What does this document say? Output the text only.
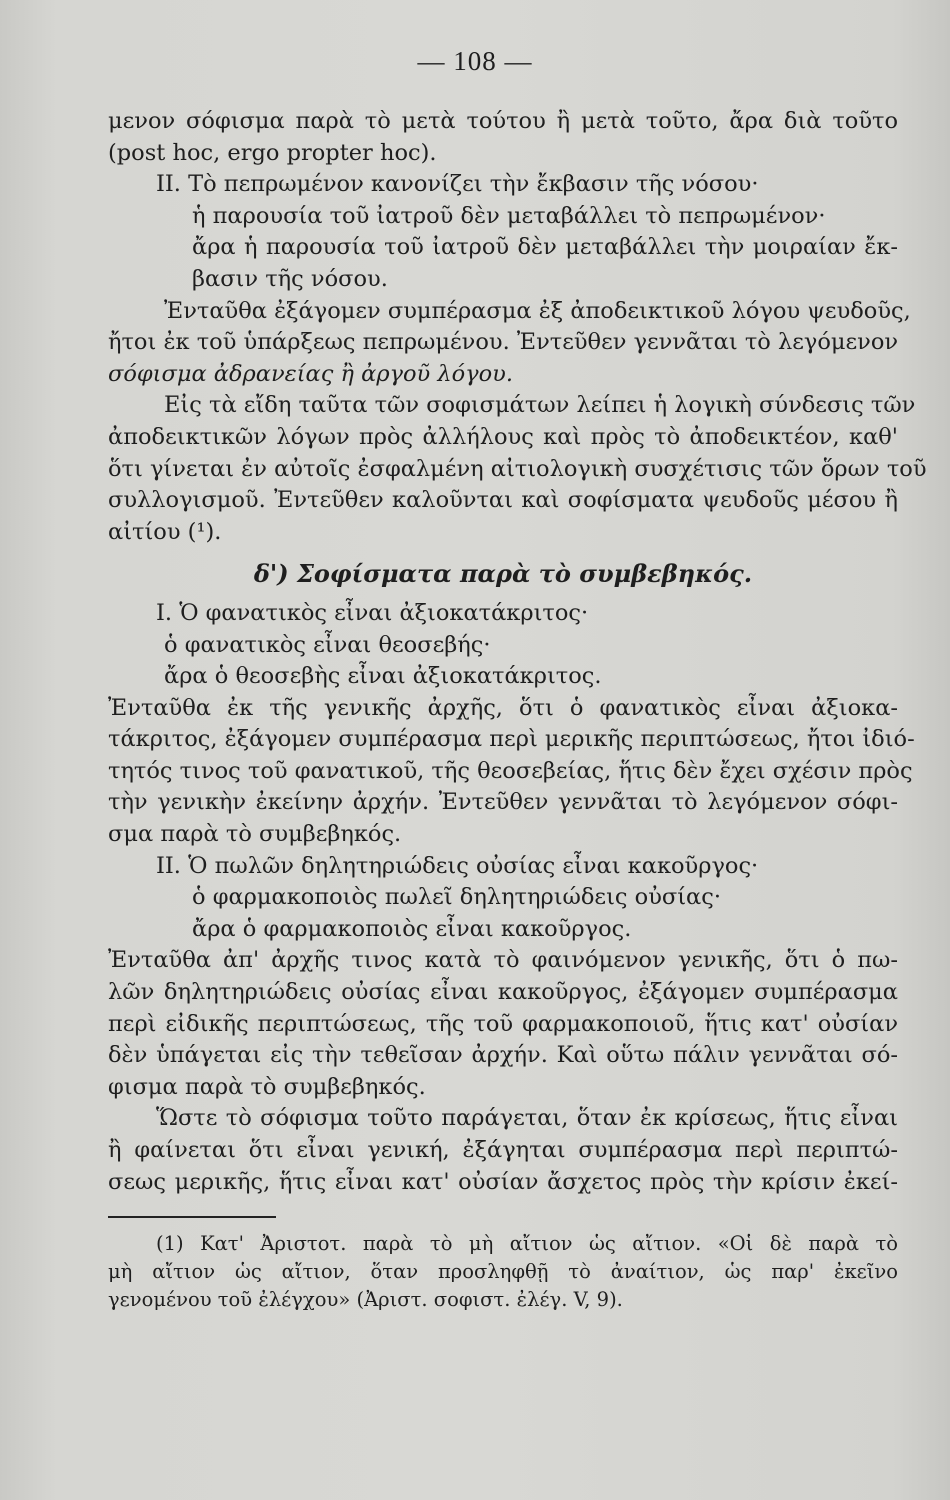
— 108 —
μενον σόφισμα παρὰ τὸ μετὰ τούτου ἢ μετὰ τοῦτο, ἄρα διὰ τοῦτο
(post hoc, ergo propter hoc).
II. Τὸ πεπρωμένον κανονίζει τὴν ἔκβασιν τῆς νόσου·
ἡ παρουσία τοῦ ἰατροῦ δὲν μεταβάλλει τὸ πεπρωμένον·
ἄρα ἡ παρουσία τοῦ ἰατροῦ δὲν μεταβάλλει τὴν μοιραίαν ἔκ-
βασιν τῆς νόσου.
Ἐνταῦθα ἐξάγομεν συμπέρασμα ἐξ ἀποδεικτικοῦ λόγου ψευδοῦς,
ἤτοι ἐκ τοῦ ὑπάρξεως πεπρωμένου. Ἐντεῦθεν γεννᾶται τὸ λεγόμενον
σόφισμα ἀδρανείας ἢ ἀργοῦ λόγου.
Εἰς τὰ εἴδη ταῦτα τῶν σοφισμάτων λείπει ἡ λογικὴ σύνδεσις τῶν
ἀποδεικτικῶν λόγων πρὸς ἀλλήλους καὶ πρὸς τὸ ἀποδεικτέον, καθ'
ὅτι γίνεται ἐν αὐτοῖς ἐσφαλμένη αἰτιολογικὴ συσχέτισις τῶν ὅρων τοῦ
συλλογισμοῦ. Ἐντεῦθεν καλοῦνται καὶ σοφίσματα ψευδοῦς μέσου ἢ
αἰτίου (¹).
δ') Σοφίσματα παρὰ τὸ συμβεβηκός.
I. Ὁ φανατικὸς εἶναι ἀξιοκατάκριτος·
ὁ φανατικὸς εἶναι θεοσεβής·
ἄρα ὁ θεοσεβὴς εἶναι ἀξιοκατάκριτος.
Ἐνταῦθα ἐκ τῆς γενικῆς ἀρχῆς, ὅτι ὁ φανατικὸς εἶναι ἀξιοκα-
τάκριτος, ἐξάγομεν συμπέρασμα περὶ μερικῆς περιπτώσεως, ἤτοι ἰδιό-
τητός τινος τοῦ φανατικοῦ, τῆς θεοσεβείας, ἥτις δὲν ἔχει σχέσιν πρὸς
τὴν γενικὴν ἐκείνην ἀρχήν. Ἐντεῦθεν γεννᾶται τὸ λεγόμενον σόφι-
σμα παρὰ τὸ συμβεβηκός.
II. Ὁ πωλῶν δηλητηριώδεις οὐσίας εἶναι κακοῦργος·
ὁ φαρμακοποιὸς πωλεῖ δηλητηριώδεις οὐσίας·
ἄρα ὁ φαρμακοποιὸς εἶναι κακοῦργος.
Ἐνταῦθα ἀπ' ἀρχῆς τινος κατὰ τὸ φαινόμενον γενικῆς, ὅτι ὁ πω-
λῶν δηλητηριώδεις οὐσίας εἶναι κακοῦργος, ἐξάγομεν συμπέρασμα
περὶ εἰδικῆς περιπτώσεως, τῆς τοῦ φαρμακοποιοῦ, ἥτις κατ' οὐσίαν
δὲν ὑπάγεται εἰς τὴν τεθεῖσαν ἀρχήν. Καὶ οὕτω πάλιν γεννᾶται σό-
φισμα παρὰ τὸ συμβεβηκός.
Ὥστε τὸ σόφισμα τοῦτο παράγεται, ὅταν ἐκ κρίσεως, ἥτις εἶναι
ἢ φαίνεται ὅτι εἶναι γενική, ἐξάγηται συμπέρασμα περὶ περιπτώ-
σεως μερικῆς, ἥτις εἶναι κατ' οὐσίαν ἄσχετος πρὸς τὴν κρίσιν ἐκεί-
(1) Κατ' Ἀριστοτ. παρὰ τὸ μὴ αἴτιον ὡς αἴτιον. «Οἱ δὲ παρὰ τὸ
μὴ αἴτιον ὡς αἴτιον, ὅταν προσληφθῇ τὸ ἀναίτιον, ὡς παρ' ἐκεῖνο
γενομένου τοῦ ἐλέγχου» (Ἀριστ. σοφιστ. ἐλέγ. V, 9).
